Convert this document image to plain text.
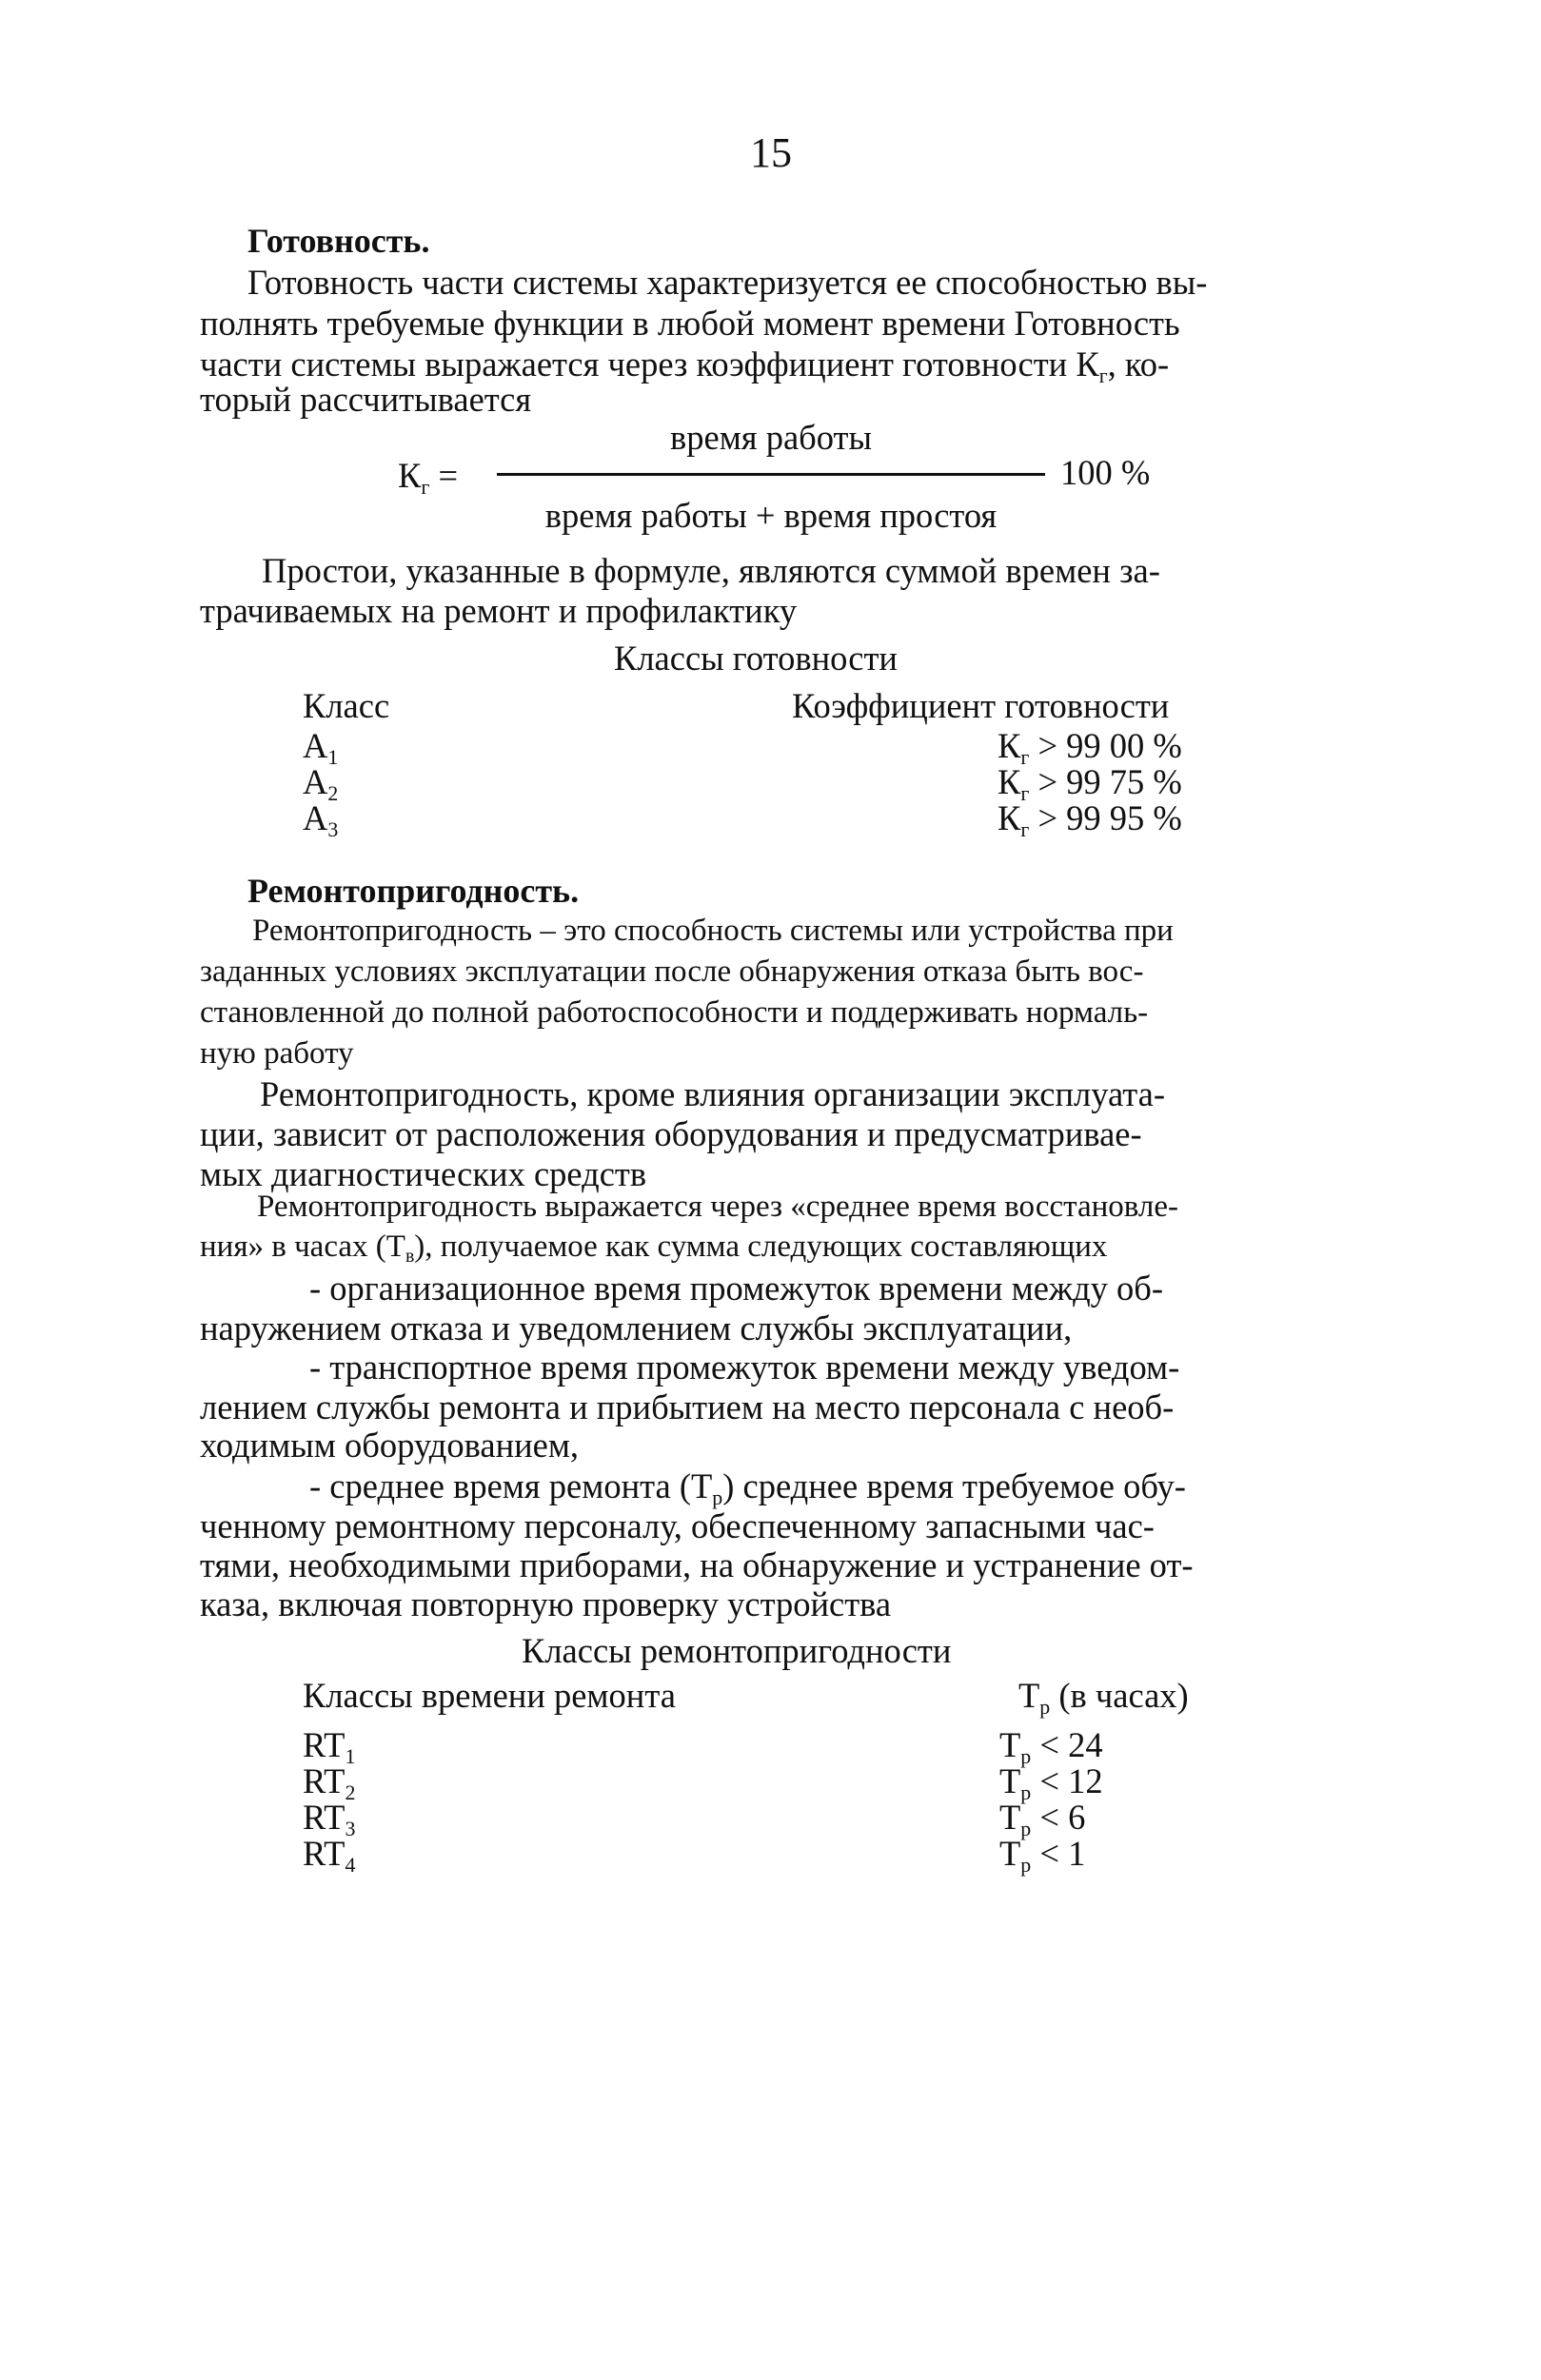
15
Готовность.
Готовность части системы характеризуется ее способностью вы-
полнять требуемые функции в любой момент времени Готовность
части системы выражается через коэффициент готовности Кг, ко-
торый рассчитывается
Кг =
время работы
100 %
время работы + время простоя
Простои, указанные в формуле, являются суммой времен за-
трачиваемых на ремонт и профилактику
Классы готовности
Класс	Коэффициент готовности
А1	Кг > 99 00 %
А2	Кг > 99 75 %
А3	Кг > 99 95 %
Ремонтопригодность.
Ремонтопригодность – это способность системы или устройства при
заданных условиях эксплуатации после обнаружения отказа быть вос-
становленной до полной работоспособности и поддерживать нормаль-
ную работу
Ремонтопригодность, кроме влияния организации эксплуата-
ции, зависит от расположения оборудования и предусматривае-
мых диагностических средств
Ремонтопригодность выражается через «среднее время восстановле-
ния» в часах (Тв), получаемое как сумма следующих составляющих
- организационное время промежуток времени между об-
наружением отказа и уведомлением службы эксплуатации,
- транспортное время промежуток времени между уведом-
лением службы ремонта и прибытием на место персонала с необ-
ходимым оборудованием,
- среднее время ремонта (Тр) среднее время требуемое обу-
ченному ремонтному персоналу, обеспеченному запасными час-
тями, необходимыми приборами, на обнаружение и устранение от-
каза, включая повторную проверку устройства
Классы ремонтопригодности
Классы времени ремонта	Тр (в часах)
RT1	Тр < 24
RT2	Тр < 12
RT3	Тр < 6
RT4	Тр < 1
